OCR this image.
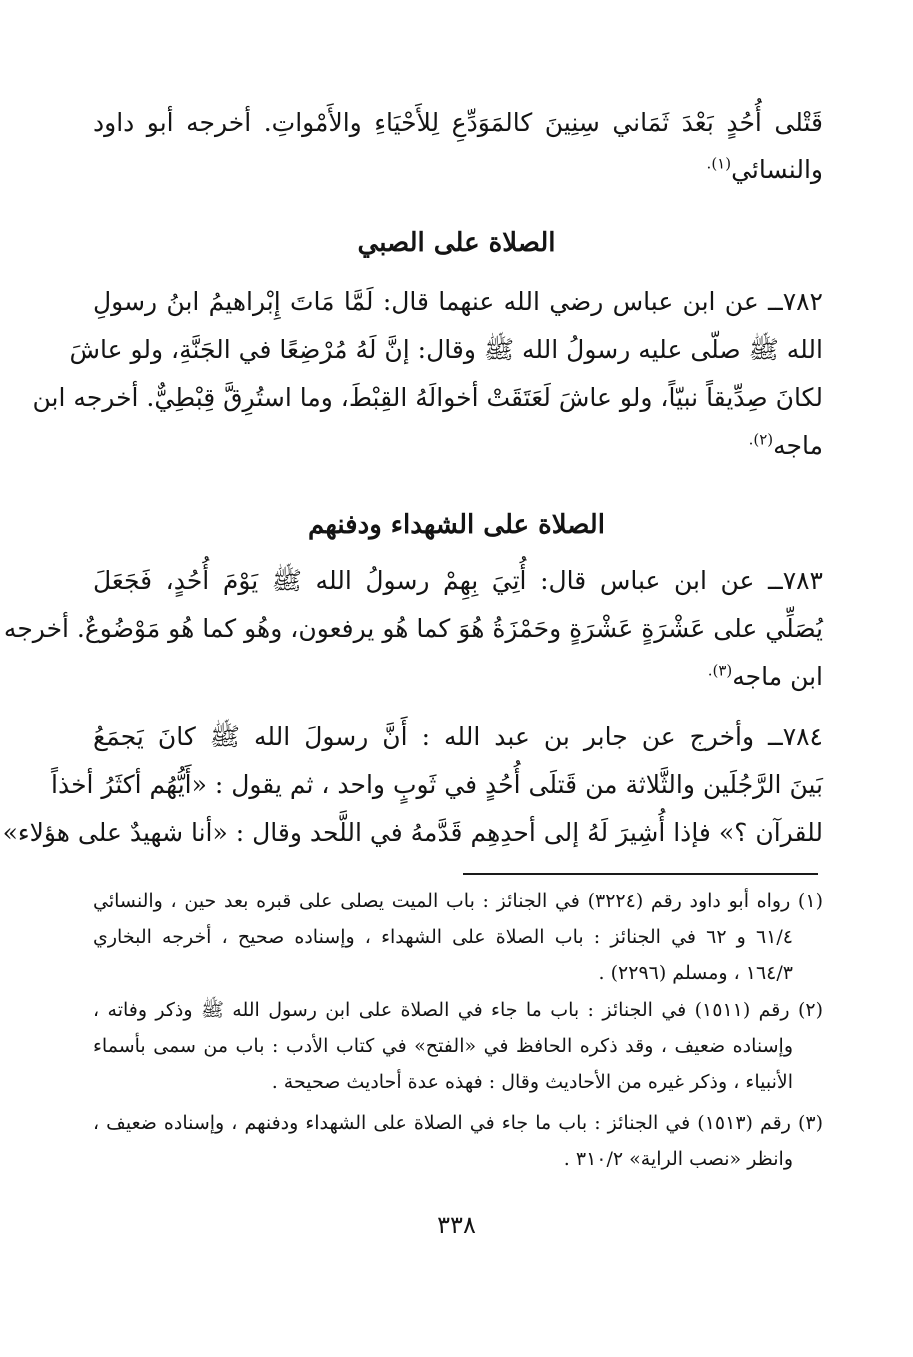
قَتْلى أُحُدٍ بَعْدَ ثَمَاني سِنِينَ كالمَوَدِّعِ لِلأَحْيَاءِ والأَمْواتِ. أخرجه أبو داود
والنسائي$^{(١).}$
الصلاة على الصبي
٧٨٢ــ عن ابن عباس رضي الله عنهما قال: لَمَّا مَاتَ إِبْراهيمُ ابنُ رسولِ
الله ﷺ صلّى عليه رسولُ الله ﷺ وقال: إنَّ لَهُ مُرْضِعًا في الجَنَّةِ، ولو عاشَ
لكانَ صِدِّيقاً نبيّاً، ولو عاشَ لَعَتَقَتْ أخوالَهُ القِبْطَ، وما استُرِقَّ قِبْطِيٌّ. أخرجه ابن
ماجه$^{(٢).}$
الصلاة على الشهداء ودفنهم
٧٨٣ــ عن ابن عباس قال: أُتِيَ بِهِمْ رسولُ الله ﷺ يَوْمَ أُحُدٍ، فَجَعَلَ
يُصَلِّي على عَشْرَةٍ عَشْرَةٍ وحَمْزَةُ هُوَ كما هُو يرفعون، وهُو كما هُو مَوْضُوعٌ. أخرجه
ابن ماجه$^{(٣).}$
٧٨٤ــ وأخرج عن جابر بن عبد الله : أَنَّ رسولَ الله ﷺ كانَ يَجمَعُ
بَينَ الرَّجُلَين والثَّلاثة من قَتلَى أُحُدٍ في ثَوبٍ واحد ، ثم يقول : «أَيُّهُم أكثَرُ أخذاً
للقرآن ؟» فإذا أُشِيرَ لَهُ إلى أحدِهِم قَدَّمهُ في اللَّحد وقال : «أنا شهيدٌ على هؤلاء»
(١) رواه أبو داود رقم (٣٢٢٤) في الجنائز : باب الميت يصلى على قبره بعد حين ، والنسائي
٦١/٤ و ٦٢ في الجنائز : باب الصلاة على الشهداء ، وإسناده صحيح ، أخرجه البخاري
١٦٤/٣ ، ومسلم (٢٢٩٦) .
(٢) رقم (١٥١١) في الجنائز : باب ما جاء في الصلاة على ابن رسول الله ﷺ وذكر وفاته ،
وإسناده ضعيف ، وقد ذكره الحافظ في «الفتح» في كتاب الأدب : باب من سمى بأسماء
الأنبياء ، وذكر غيره من الأحاديث وقال : فهذه عدة أحاديث صحيحة .
(٣) رقم (١٥١٣) في الجنائز : باب ما جاء في الصلاة على الشهداء ودفنهم ، وإسناده ضعيف ،
وانظر «نصب الراية» ٣١٠/٢ .
٣٣٨
